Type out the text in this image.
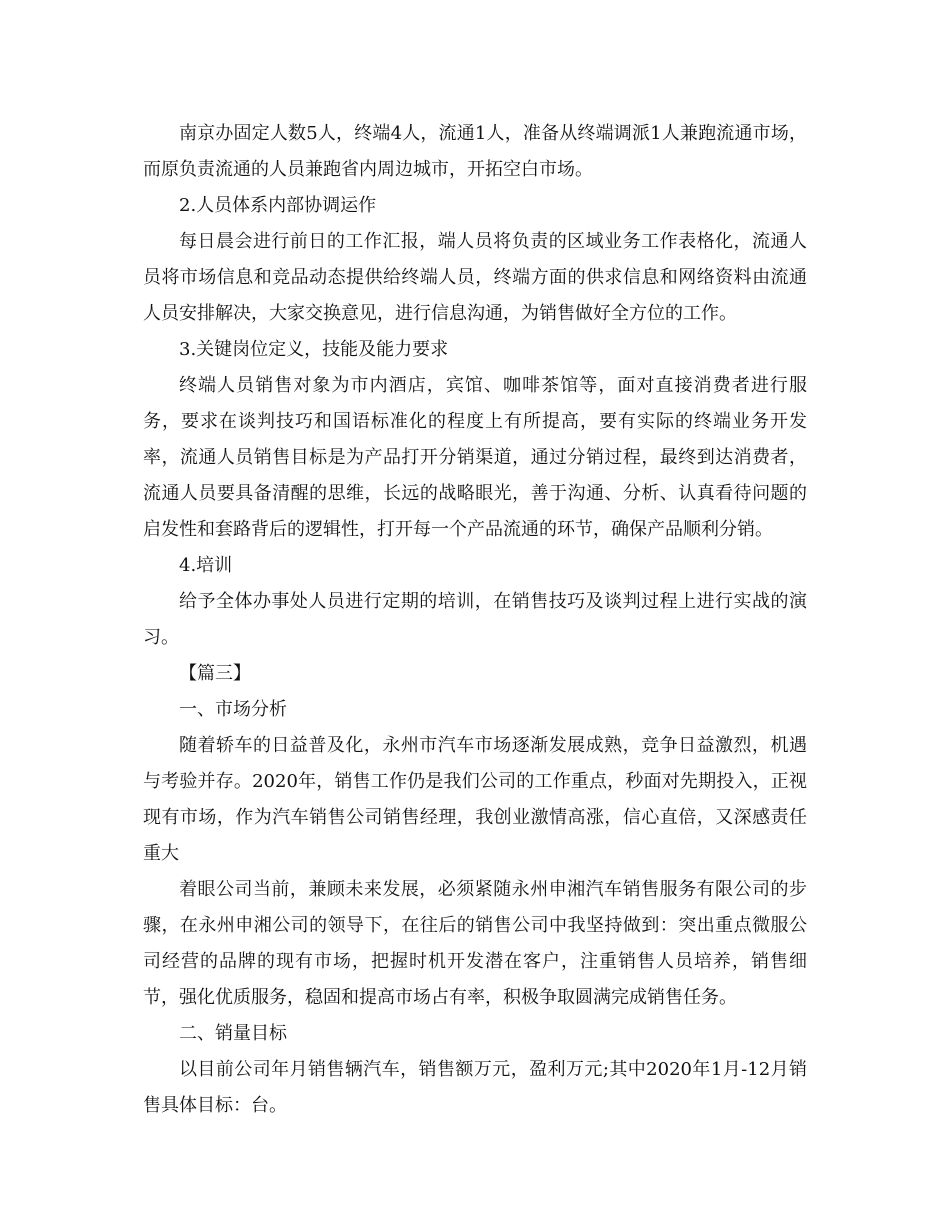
南京办固定人数5人，终端4人，流通1人，准备从终端调派1人兼跑流通市场，而原负责流通的人员兼跑省内周边城市，开拓空白市场。

2.人员体系内部协调运作

每日晨会进行前日的工作汇报，端人员将负责的区域业务工作表格化，流通人员将市场信息和竞品动态提供给终端人员，终端方面的供求信息和网络资料由流通人员安排解决，大家交换意见，进行信息沟通，为销售做好全方位的工作。

3.关键岗位定义，技能及能力要求

终端人员销售对象为市内酒店，宾馆、咖啡茶馆等，面对直接消费者进行服务，要求在谈判技巧和国语标准化的程度上有所提高，要有实际的终端业务开发率，流通人员销售目标是为产品打开分销渠道，通过分销过程，最终到达消费者，流通人员要具备清醒的思维，长远的战略眼光，善于沟通、分析、认真看待问题的启发性和套路背后的逻辑性，打开每一个产品流通的环节，确保产品顺利分销。

4.培训

给予全体办事处人员进行定期的培训，在销售技巧及谈判过程上进行实战的演习。

【篇三】

一、市场分析

随着轿车的日益普及化，永州市汽车市场逐渐发展成熟，竞争日益激烈，机遇与考验并存。2020年，销售工作仍是我们公司的工作重点，秒面对先期投入，正视现有市场，作为汽车销售公司销售经理，我创业激情高涨，信心直倍，又深感责任重大

着眼公司当前，兼顾未来发展，必须紧随永州申湘汽车销售服务有限公司的步骤，在永州申湘公司的领导下，在往后的销售公司中我坚持做到：突出重点微服公司经营的品牌的现有市场，把握时机开发潜在客户，注重销售人员培养，销售细节，强化优质服务，稳固和提高市场占有率，积极争取圆满完成销售任务。

二、销量目标

以目前公司年月销售辆汽车，销售额万元，盈利万元;其中2020年1月-12月销售具体目标：台。
